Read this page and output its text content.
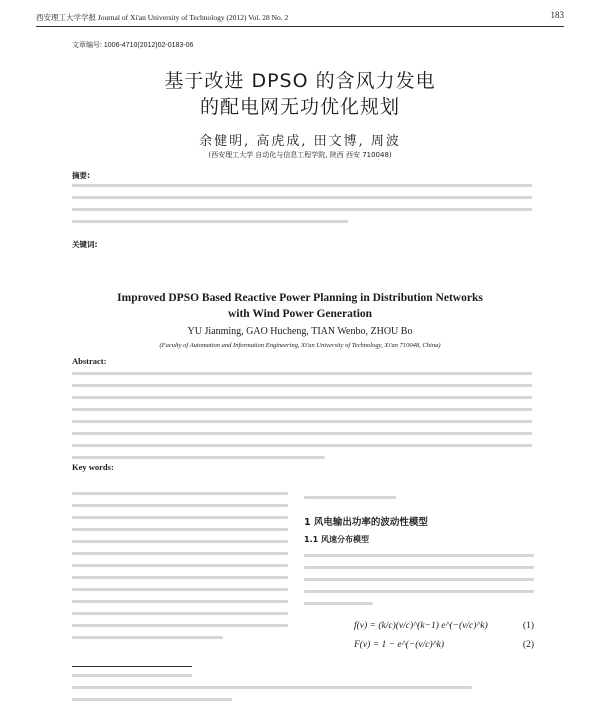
西安理工大学学报 Journal of Xi'an University of Technology (2012) Vol. 28 No. 2	183
文章编号: 1006-4710(2012)02-0183-06
基于改进 DPSO 的含风力发电
的配电网无功优化规划
余健明, 高虎成, 田文博, 周波
(西安理工大学 自动化与信息工程学院, 陕西 西安 710048)
摘要:
关键词:
Improved DPSO Based Reactive Power Planning in Distribution Networks
with Wind Power Generation
YU Jianming, GAO Hucheng, TIAN Wenbo, ZHOU Bo
(Faculty of Automation and Information Engineering, Xi'an University of Technology, Xi'an 710048, China)
Abstract:
Key words:
1 风电输出功率的波动性模型
1.1 风速分布模型
f(v) = (k/c)(v/c)^(k−1) e^(−(v/c)^k)	(1)
F(v) = 1 − e^(−(v/c)^k)	(2)
